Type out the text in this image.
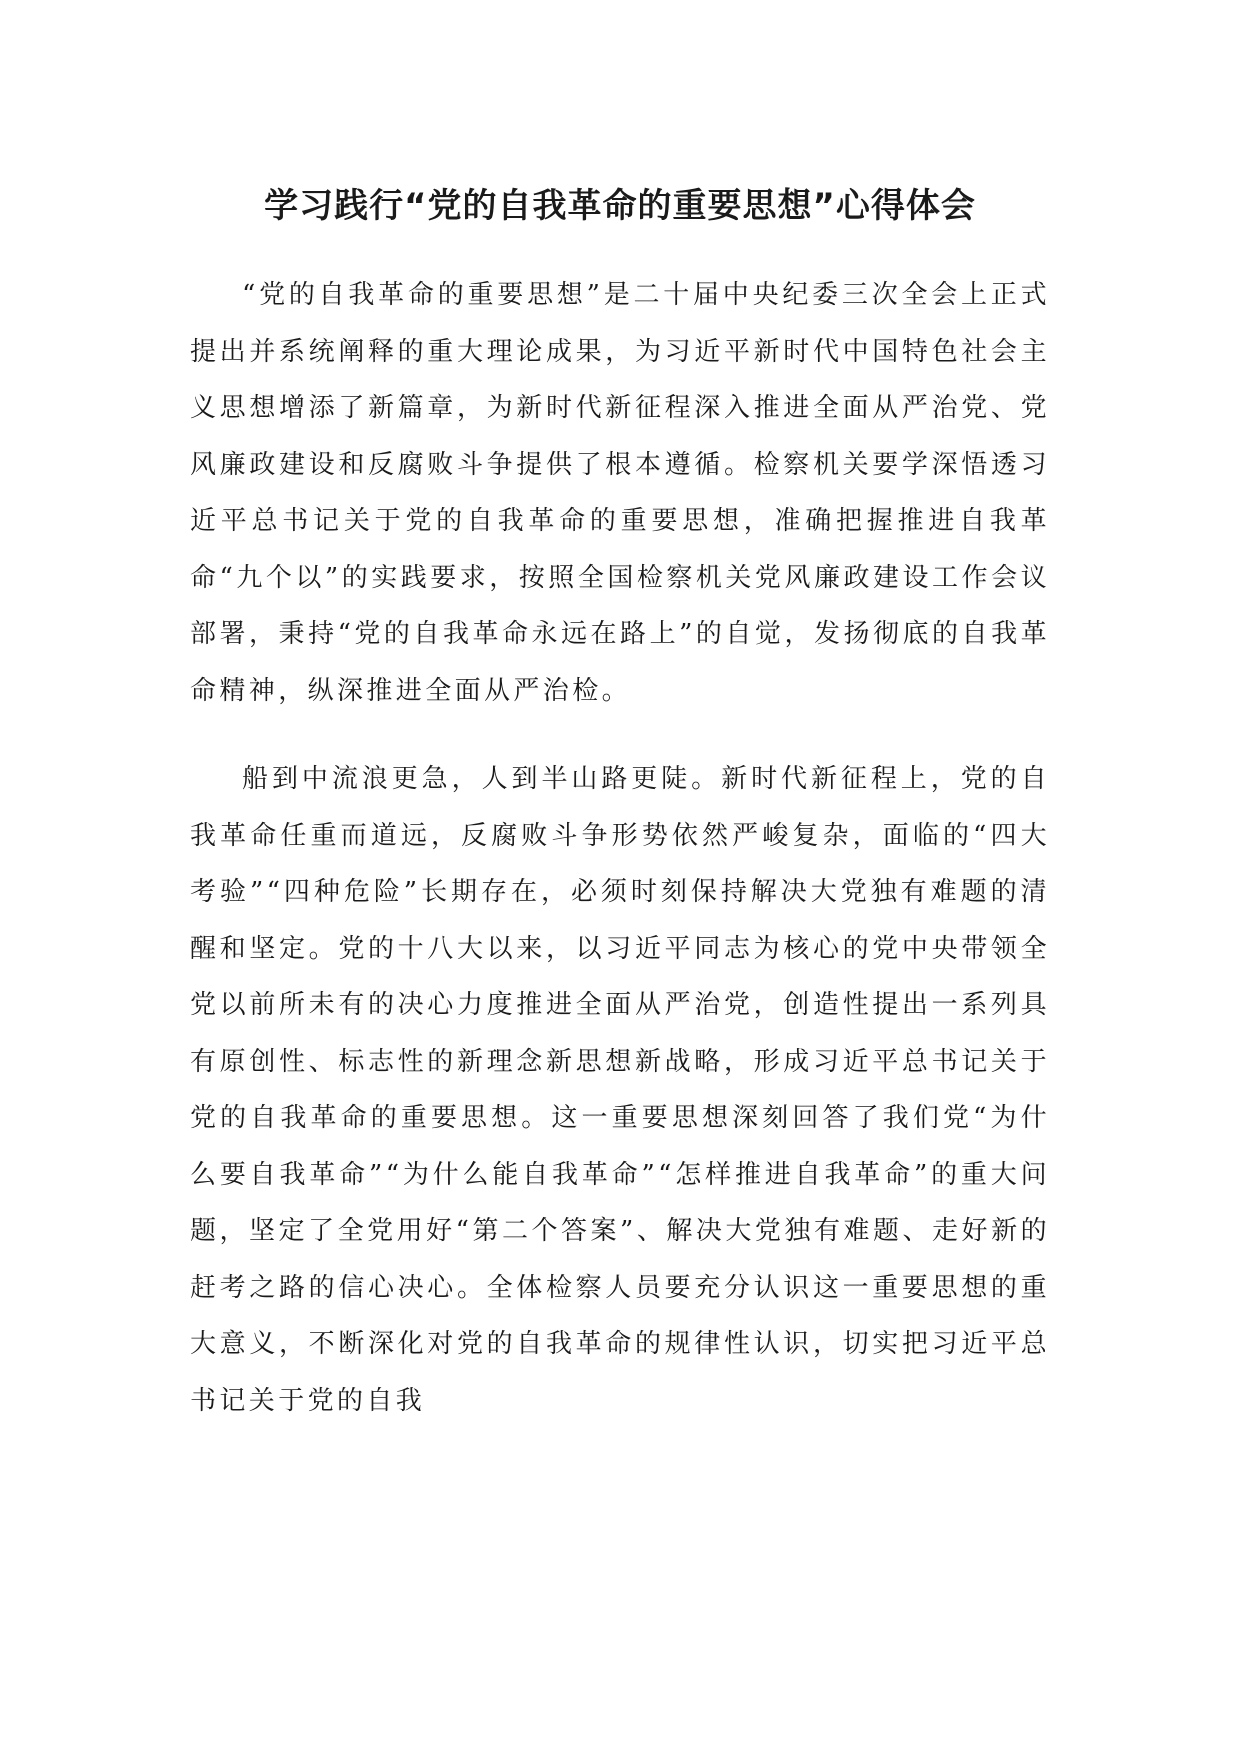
学习践行“党的自我革命的重要思想”心得体会

“党的自我革命的重要思想”是二十届中央纪委三次全会上正式提出并系统阐释的重大理论成果，为习近平新时代中国特色社会主义思想增添了新篇章，为新时代新征程深入推进全面从严治党、党风廉政建设和反腐败斗争提供了根本遵循。检察机关要学深悟透习近平总书记关于党的自我革命的重要思想，准确把握推进自我革命“九个以”的实践要求，按照全国检察机关党风廉政建设工作会议部署，秉持“党的自我革命永远在路上”的自觉，发扬彻底的自我革命精神，纵深推进全面从严治检。

船到中流浪更急，人到半山路更陡。新时代新征程上，党的自我革命任重而道远，反腐败斗争形势依然严峻复杂，面临的“四大考验”“四种危险”长期存在，必须时刻保持解决大党独有难题的清醒和坚定。党的十八大以来，以习近平同志为核心的党中央带领全党以前所未有的决心力度推进全面从严治党，创造性提出一系列具有原创性、标志性的新理念新思想新战略，形成习近平总书记关于党的自我革命的重要思想。这一重要思想深刻回答了我们党“为什么要自我革命”“为什么能自我革命”“怎样推进自我革命”的重大问题，坚定了全党用好“第二个答案”、解决大党独有难题、走好新的赶考之路的信心决心。全体检察人员要充分认识这一重要思想的重大意义，不断深化对党的自我革命的规律性认识，切实把习近平总书记关于党的自我
